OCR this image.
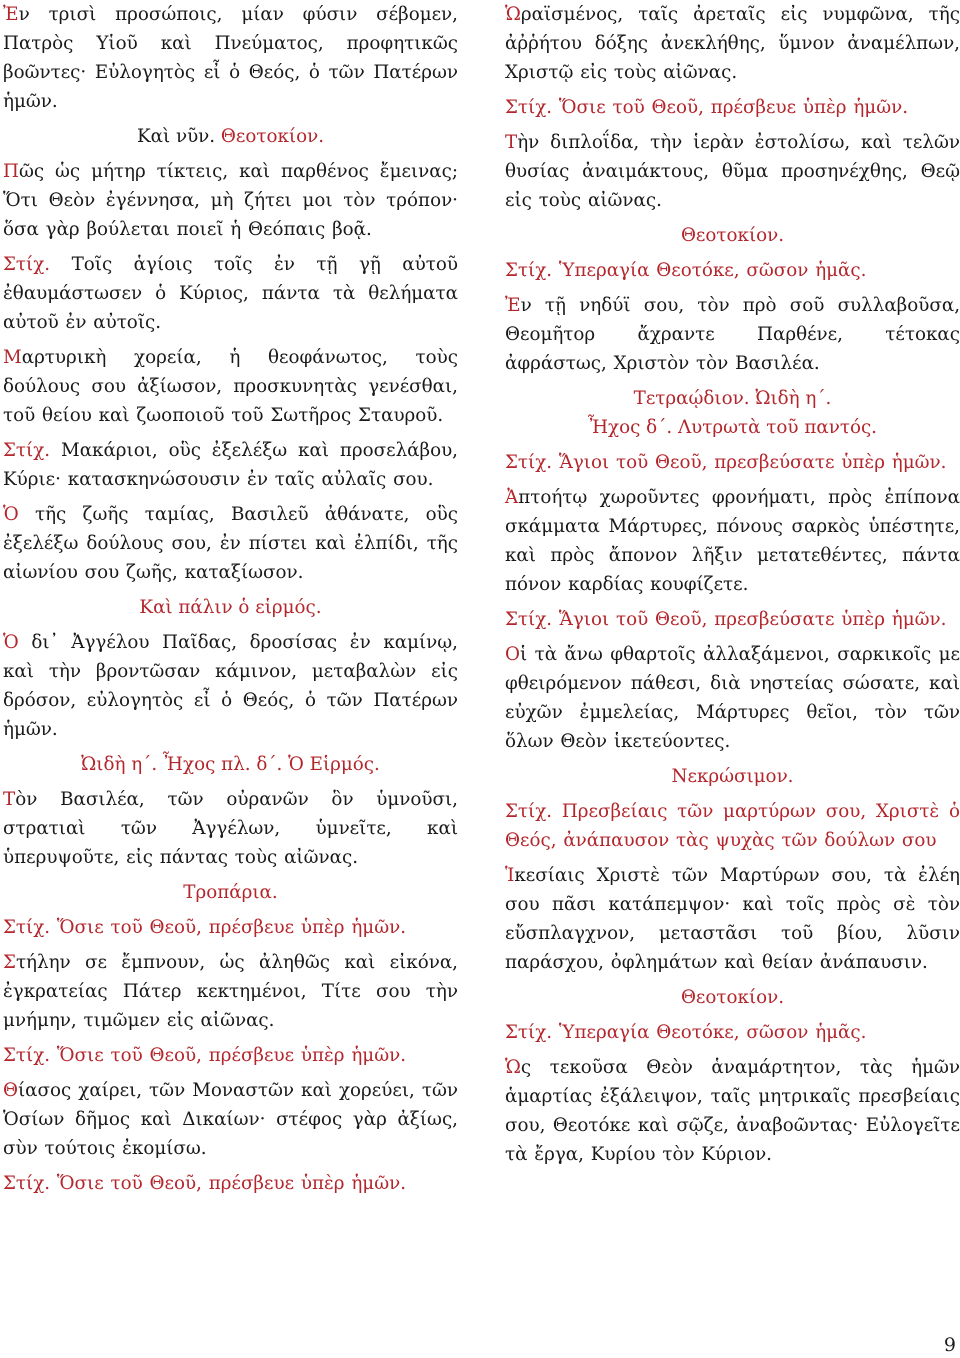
Ἐν τρισὶ προσώποις, μίαν φύσιν σέβομεν, Πατρὸς Υἱοῦ καὶ Πνεύματος, προφητικῶς βοῶντες· Εὐλογητὸς εἶ ὁ Θεός, ὁ τῶν Πατέρων ἡμῶν.

Καὶ νῦν. Θεοτοκίον.

Πῶς ὡς μήτηρ τίκτεις, καὶ παρθένος ἔμεινας; Ὅτι Θεὸν ἐγέννησα, μὴ ζήτει μοι τὸν τρόπον· ὅσα γὰρ βούλεται ποιεῖ ἡ Θεόπαις βοᾷ.

Στίχ. Τοῖς ἁγίοις τοῖς ἐν τῇ γῇ αὐτοῦ ἐθαυμάστωσεν ὁ Κύριος, πάντα τὰ θελήματα αὐτοῦ ἐν αὐτοῖς.

Μαρτυρικὴ χορεία, ἡ θεοφάνωτος, τοὺς δούλους σου ἀξίωσον, προσκυνητὰς γενέσθαι, τοῦ θείου καὶ ζωοποιοῦ τοῦ Σωτῆρος Σταυροῦ.

Στίχ. Μακάριοι, οὓς ἐξελέξω καὶ προσελάβου, Κύριε· κατασκηνώσουσιν ἐν ταῖς αὐλαῖς σου.

Ὁ τῆς ζωῆς ταμίας, Βασιλεῦ ἀθάνατε, οὓς ἐξελέξω δούλους σου, ἐν πίστει καὶ ἐλπίδι, τῆς αἰωνίου σου ζωῆς, καταξίωσον.

Καὶ πάλιν ὁ εἱρμός.

Ὁ δι᾿ Ἀγγέλου Παῖδας, δροσίσας ἐν καμίνῳ, καὶ τὴν βροντῶσαν κάμινον, μεταβαλὼν εἰς δρόσον, εὐλογητὸς εἶ ὁ Θεός, ὁ τῶν Πατέρων ἡμῶν.

Ὠιδὴ η´. Ἦχος πλ. δ´. Ὁ Εἱρμός.

Τὸν Βασιλέα, τῶν οὐρανῶν ὃν ὑμνοῦσι, στρατιαὶ τῶν Ἀγγέλων, ὑμνεῖτε, καὶ ὑπερυψοῦτε, εἰς πάντας τοὺς αἰῶνας.

Τροπάρια.

Στίχ. Ὅσιε τοῦ Θεοῦ, πρέσβευε ὑπὲρ ἡμῶν.

Στήλην σε ἔμπνουν, ὡς ἀληθῶς καὶ εἰκόνα, ἐγκρατείας Πάτερ κεκτημένοι, Τίτε σου τὴν μνήμην, τιμῶμεν εἰς αἰῶνας.

Στίχ. Ὅσιε τοῦ Θεοῦ, πρέσβευε ὑπὲρ ἡμῶν.

Θίασος χαίρει, τῶν Μοναστῶν καὶ χορεύει, τῶν Ὁσίων δῆμος καὶ Δικαίων· στέφος γὰρ ἀξίως, σὺν τούτοις ἐκομίσω.

Στίχ. Ὅσιε τοῦ Θεοῦ, πρέσβευε ὑπὲρ ἡμῶν.

Ὡραϊσμένος, ταῖς ἀρεταῖς εἰς νυμφῶνα, τῆς ἀῤῥήτου δόξης ἀνεκλήθης, ὕμνον ἀναμέλπων, Χριστῷ εἰς τοὺς αἰῶνας.

Στίχ. Ὅσιε τοῦ Θεοῦ, πρέσβευε ὑπὲρ ἡμῶν.

Τὴν διπλοΐδα, τὴν ἱερὰν ἐστολίσω, καὶ τελῶν θυσίας ἀναιμάκτους, θῦμα προσηνέχθης, Θεῷ εἰς τοὺς αἰῶνας.

Θεοτοκίον.

Στίχ. Ὑπεραγία Θεοτόκε, σῶσον ἡμᾶς.

Ἐν τῇ νηδύϊ σου, τὸν πρὸ σοῦ συλλαβοῦσα, Θεομῆτορ ἄχραντε Παρθένε, τέτοκας ἀφράστως, Χριστὸν τὸν Βασιλέα.

Τετραῴδιον. Ὠιδὴ η´.

Ἦχος δ´. Λυτρωτὰ τοῦ παντός.

Στίχ. Ἅγιοι τοῦ Θεοῦ, πρεσβεύσατε ὑπὲρ ἡμῶν.

Ἀπτοήτῳ χωροῦντες φρονήματι, πρὸς ἐπίπονα σκάμματα Μάρτυρες, πόνους σαρκὸς ὑπέστητε, καὶ πρὸς ἄπονον λῆξιν μετατεθέντες, πάντα πόνον καρδίας κουφίζετε.

Στίχ. Ἅγιοι τοῦ Θεοῦ, πρεσβεύσατε ὑπὲρ ἡμῶν.

Οἱ τὰ ἄνω φθαρτοῖς ἀλλαξάμενοι, σαρκικοῖς με φθειρόμενον πάθεσι, διὰ νηστείας σώσατε, καὶ εὐχῶν ἐμμελείας, Μάρτυρες θεῖοι, τὸν τῶν ὅλων Θεὸν ἱκετεύοντες.

Νεκρώσιμον.

Στίχ. Πρεσβείαις τῶν μαρτύρων σου, Χριστὲ ὁ Θεός, ἀνάπαυσον τὰς ψυχὰς τῶν δούλων σου

Ἱκεσίαις Χριστὲ τῶν Μαρτύρων σου, τὰ ἐλέη σου πᾶσι κατάπεμψον· καὶ τοῖς πρὸς σὲ τὸν εὔσπλαγχνον, μεταστᾶσι τοῦ βίου, λῦσιν παράσχου, ὀφλημάτων καὶ θείαν ἀνάπαυσιν.

Θεοτοκίον.

Στίχ. Ὑπεραγία Θεοτόκε, σῶσον ἡμᾶς.

Ὡς τεκοῦσα Θεὸν ἁναμάρτητον, τὰς ἡμῶν ἁμαρτίας ἐξάλειψον, ταῖς μητρικαῖς πρεσβείαις σου, Θεοτόκε καὶ σῷζε, ἀναβοῶντας· Εὐλογεῖτε τὰ ἔργα, Κυρίου τὸν Κύριον.

9
